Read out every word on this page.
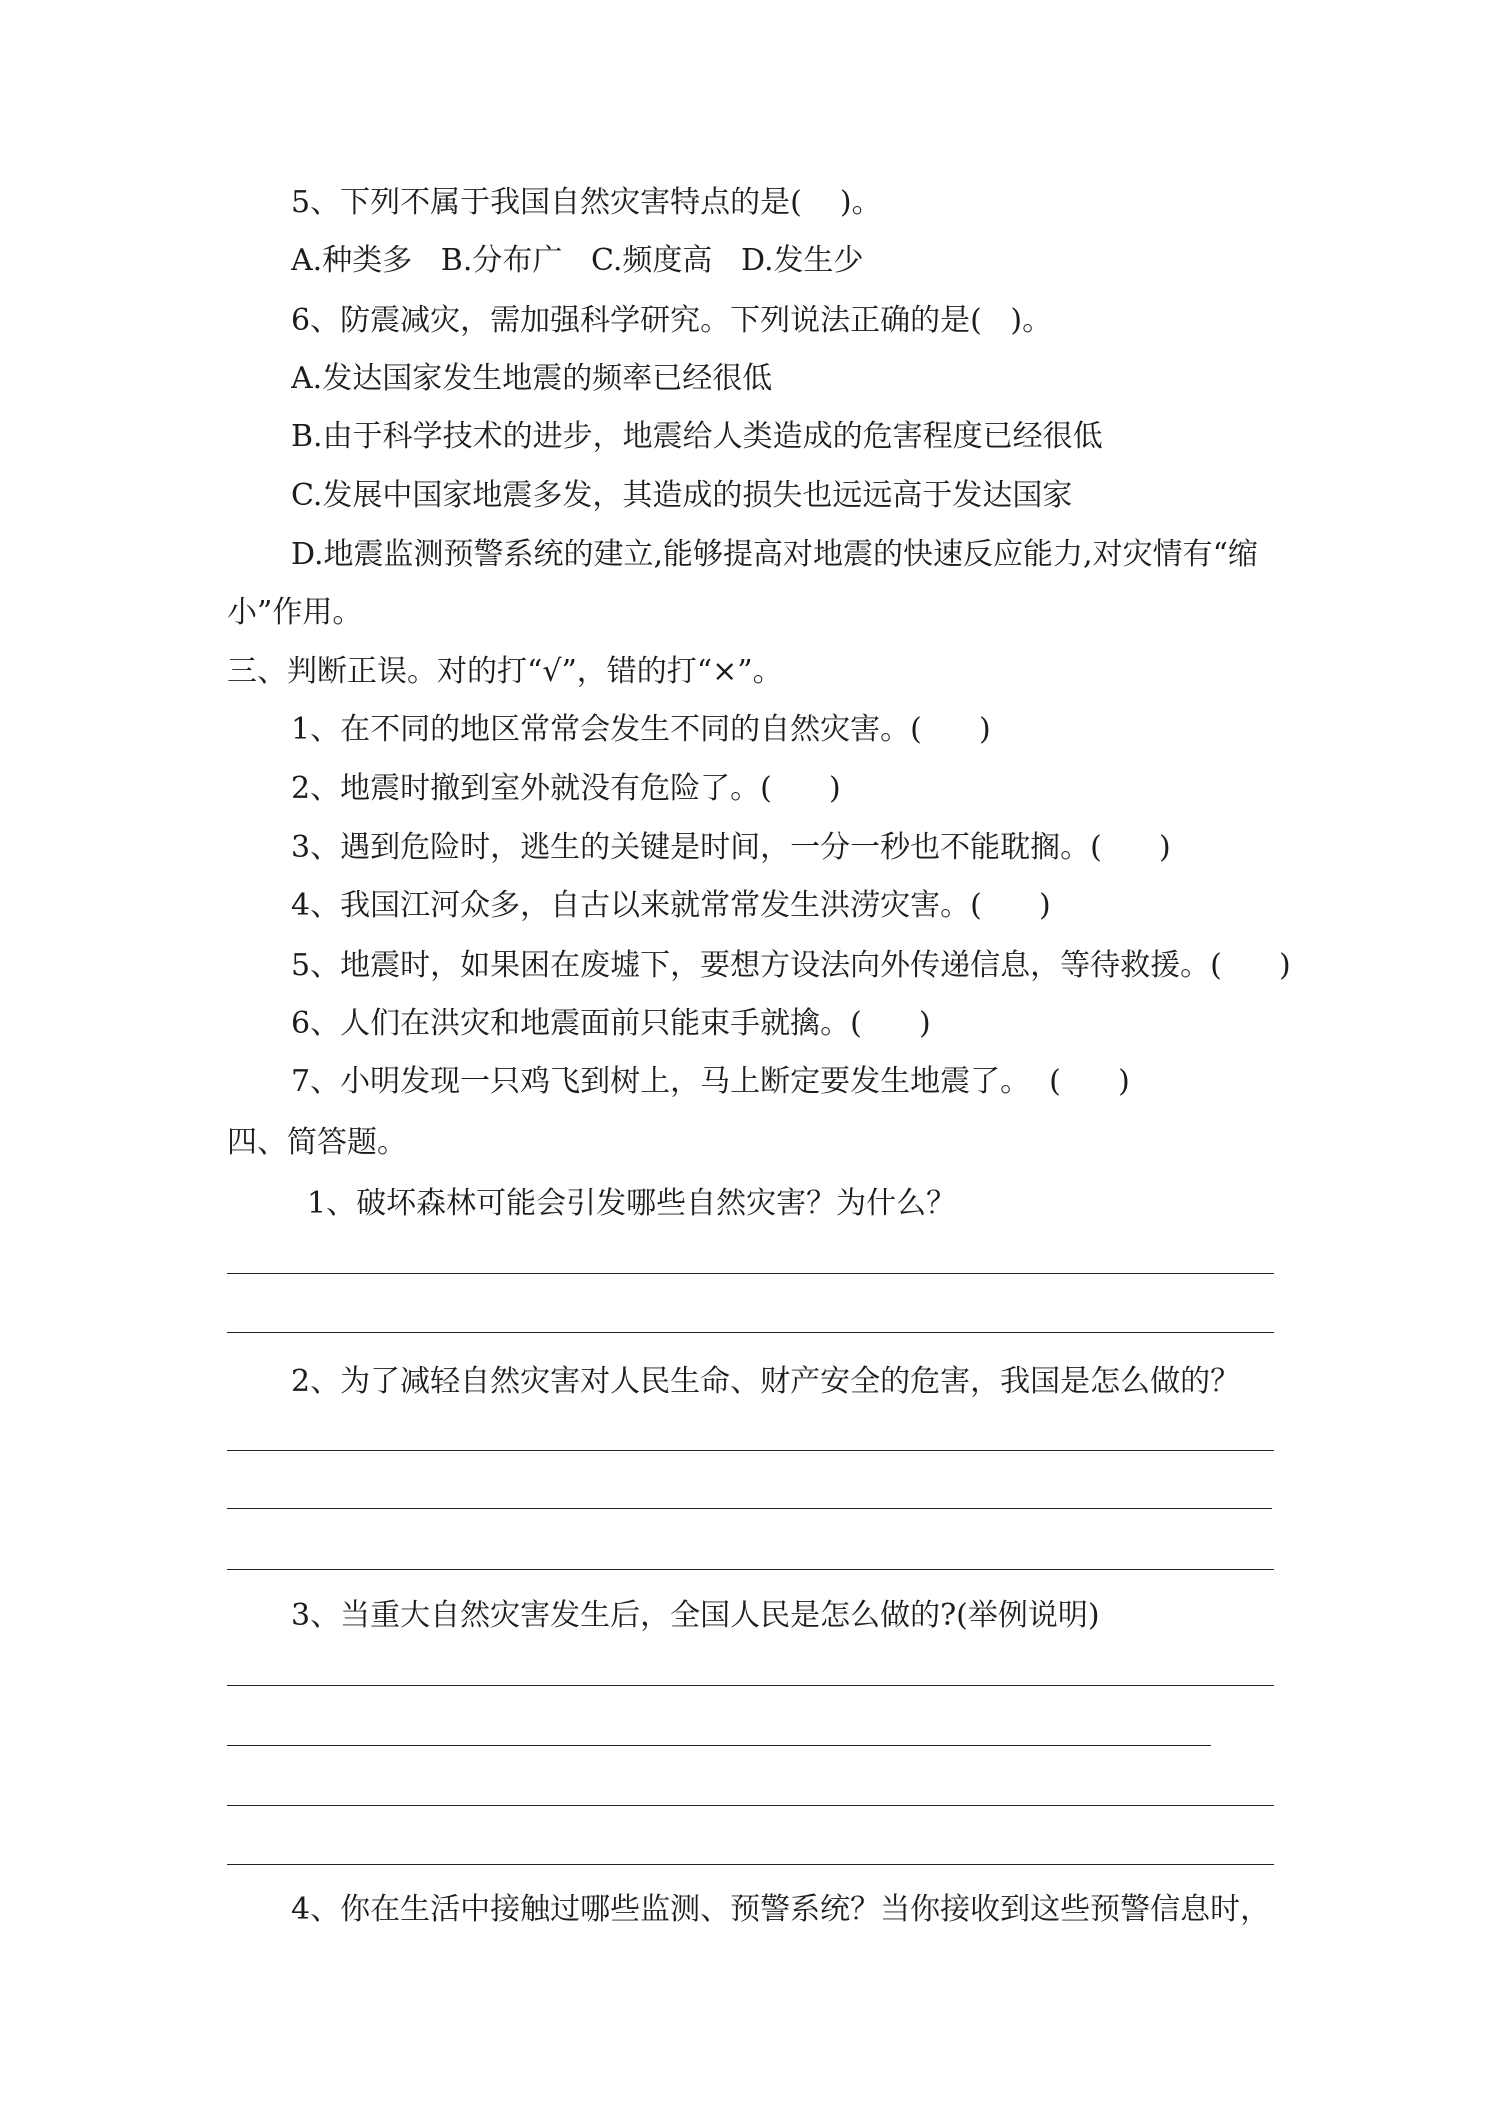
5、下列不属于我国自然灾害特点的是(    )。
A.种类多   B.分布广   C.频度高   D.发生少
6、防震减灾，需加强科学研究。下列说法正确的是(   )。
A.发达国家发生地震的频率已经很低
B.由于科学技术的进步，地震给人类造成的危害程度已经很低
C.发展中国家地震多发，其造成的损失也远远高于发达国家
D.地震监测预警系统的建立,能够提高对地震的快速反应能力,对灾情有“缩
小”作用。
三、判断正误。对的打“√”，错的打“×”。
1、在不同的地区常常会发生不同的自然灾害。(      )
2、地震时撤到室外就没有危险了。(      )
3、遇到危险时，逃生的关键是时间，一分一秒也不能耽搁。(      )
4、我国江河众多，自古以来就常常发生洪涝灾害。(      )
5、地震时，如果困在废墟下，要想方设法向外传递信息，等待救援。(      )
6、人们在洪灾和地震面前只能束手就擒。(      )
7、小明发现一只鸡飞到树上，马上断定要发生地震了。  (      )
四、简答题。
1、破坏森林可能会引发哪些自然灾害？为什么？
2、为了减轻自然灾害对人民生命、财产安全的危害，我国是怎么做的？
3、当重大自然灾害发生后，全国人民是怎么做的?(举例说明)
4、你在生活中接触过哪些监测、预警系统？当你接收到这些预警信息时，
